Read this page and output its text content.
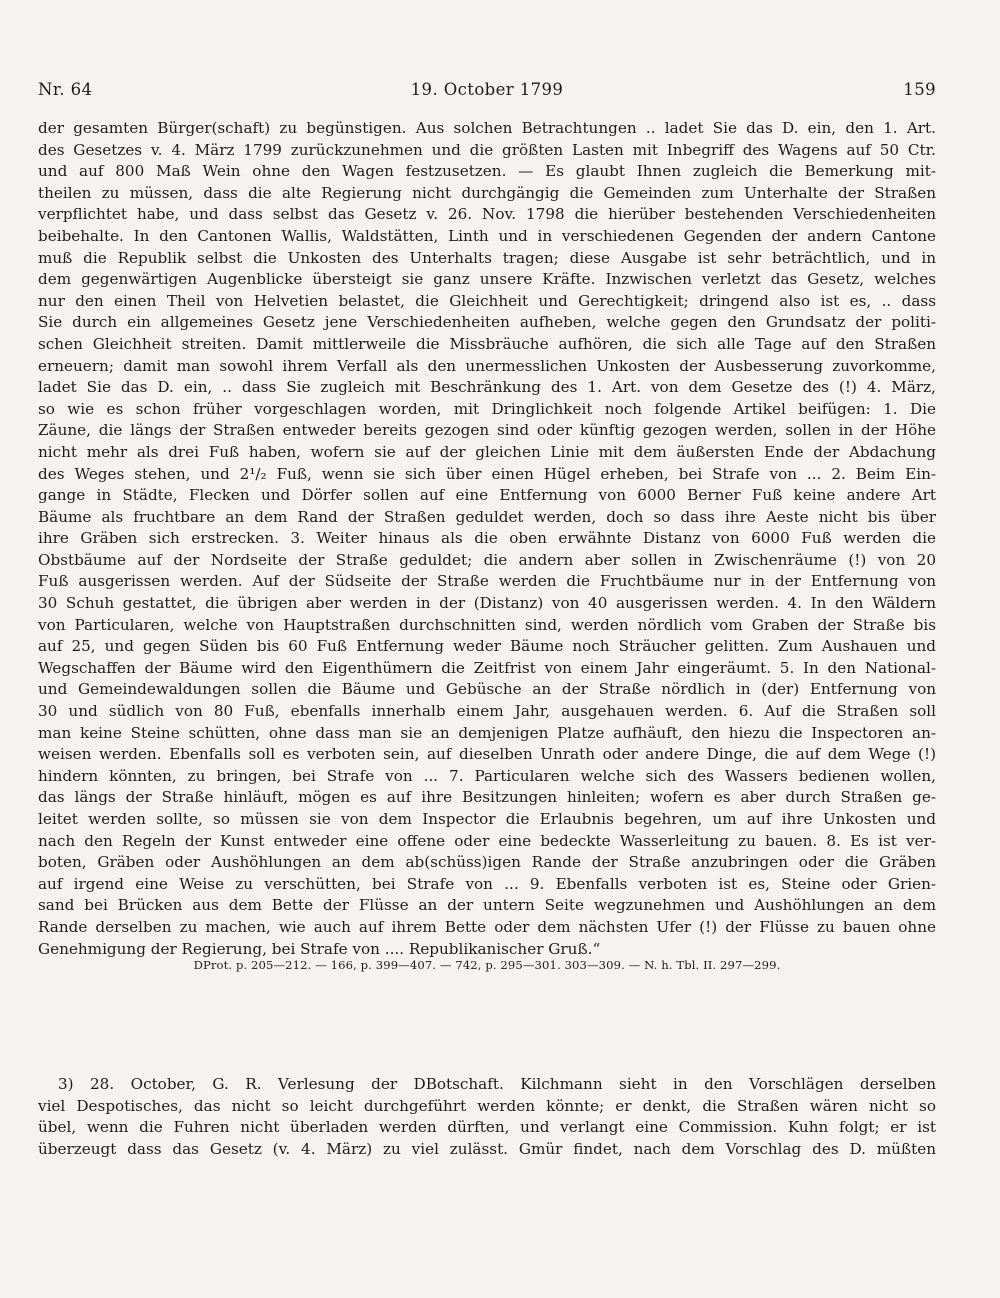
Nr. 64	19. October 1799	159
der gesamten Bürger(schaft) zu begünstigen. Aus solchen Betrachtungen .. ladet Sie das D. ein, den 1. Art.
des Gesetzes v. 4. März 1799 zurückzunehmen und die größten Lasten mit Inbegriff des Wagens auf 50 Ctr.
und auf 800 Maß Wein ohne den Wagen festzusetzen. — Es glaubt Ihnen zugleich die Bemerkung mit-
theilen zu müssen, dass die alte Regierung nicht durchgängig die Gemeinden zum Unterhalte der Straßen
verpflichtet habe, und dass selbst das Gesetz v. 26. Nov. 1798 die hierüber bestehenden Verschiedenheiten
beibehalte. In den Cantonen Wallis, Waldstätten, Linth und in verschiedenen Gegenden der andern Cantone
muß die Republik selbst die Unkosten des Unterhalts tragen; diese Ausgabe ist sehr beträchtlich, und in
dem gegenwärtigen Augenblicke übersteigt sie ganz unsere Kräfte. Inzwischen verletzt das Gesetz, welches
nur den einen Theil von Helvetien belastet, die Gleichheit und Gerechtigkeit; dringend also ist es, .. dass
Sie durch ein allgemeines Gesetz jene Verschiedenheiten aufheben, welche gegen den Grundsatz der politi-
schen Gleichheit streiten. Damit mittlerweile die Missbräuche aufhören, die sich alle Tage auf den Straßen
erneuern; damit man sowohl ihrem Verfall als den unermesslichen Unkosten der Ausbesserung zuvorkomme,
ladet Sie das D. ein, .. dass Sie zugleich mit Beschränkung des 1. Art. von dem Gesetze des (!) 4. März,
so wie es schon früher vorgeschlagen worden, mit Dringlichkeit noch folgende Artikel beifügen: 1. Die
Zäune, die längs der Straßen entweder bereits gezogen sind oder künftig gezogen werden, sollen in der Höhe
nicht mehr als drei Fuß haben, wofern sie auf der gleichen Linie mit dem äußersten Ende der Abdachung
des Weges stehen, und 2¹/₂ Fuß, wenn sie sich über einen Hügel erheben, bei Strafe von ... 2. Beim Ein-
gange in Städte, Flecken und Dörfer sollen auf eine Entfernung von 6000 Berner Fuß keine andere Art
Bäume als fruchtbare an dem Rand der Straßen geduldet werden, doch so dass ihre Aeste nicht bis über
ihre Gräben sich erstrecken. 3. Weiter hinaus als die oben erwähnte Distanz von 6000 Fuß werden die
Obstbäume auf der Nordseite der Straße geduldet; die andern aber sollen in Zwischenräume (!) von 20
Fuß ausgerissen werden. Auf der Südseite der Straße werden die Fruchtbäume nur in der Entfernung von
30 Schuh gestattet, die übrigen aber werden in der (Distanz) von 40 ausgerissen werden. 4. In den Wäldern
von Particularen, welche von Hauptstraßen durchschnitten sind, werden nördlich vom Graben der Straße bis
auf 25, und gegen Süden bis 60 Fuß Entfernung weder Bäume noch Sträucher gelitten. Zum Aushauen und
Wegschaffen der Bäume wird den Eigenthümern die Zeitfrist von einem Jahr eingeräumt. 5. In den National-
und Gemeindewaldungen sollen die Bäume und Gebüsche an der Straße nördlich in (der) Entfernung von
30 und südlich von 80 Fuß, ebenfalls innerhalb einem Jahr, ausgehauen werden. 6. Auf die Straßen soll
man keine Steine schütten, ohne dass man sie an demjenigen Platze aufhäuft, den hiezu die Inspectoren an-
weisen werden. Ebenfalls soll es verboten sein, auf dieselben Unrath oder andere Dinge, die auf dem Wege (!)
hindern könnten, zu bringen, bei Strafe von ... 7. Particularen welche sich des Wassers bedienen wollen,
das längs der Straße hinläuft, mögen es auf ihre Besitzungen hinleiten; wofern es aber durch Straßen ge-
leitet werden sollte, so müssen sie von dem Inspector die Erlaubnis begehren, um auf ihre Unkosten und
nach den Regeln der Kunst entweder eine offene oder eine bedeckte Wasserleitung zu bauen. 8. Es ist ver-
boten, Gräben oder Aushöhlungen an dem ab(schüss)igen Rande der Straße anzubringen oder die Gräben
auf irgend eine Weise zu verschütten, bei Strafe von ... 9. Ebenfalls verboten ist es, Steine oder Grien-
sand bei Brücken aus dem Bette der Flüsse an der untern Seite wegzunehmen und Aushöhlungen an dem
Rande derselben zu machen, wie auch auf ihrem Bette oder dem nächsten Ufer (!) der Flüsse zu bauen ohne
Genehmigung der Regierung, bei Strafe von .... Republikanischer Gruß.“
DProt. p. 205—212. — 166, p. 399—407. — 742, p. 295—301. 303—309. — N. h. Tbl. II. 297—299.
3) 28. October, G. R. Verlesung der DBotschaft. Kilchmann sieht in den Vorschlägen derselben
viel Despotisches, das nicht so leicht durchgeführt werden könnte; er denkt, die Straßen wären nicht so
übel, wenn die Fuhren nicht überladen werden dürften, und verlangt eine Commission. Kuhn folgt; er ist
überzeugt dass das Gesetz (v. 4. März) zu viel zulässt. Gmür findet, nach dem Vorschlag des D. müßten
